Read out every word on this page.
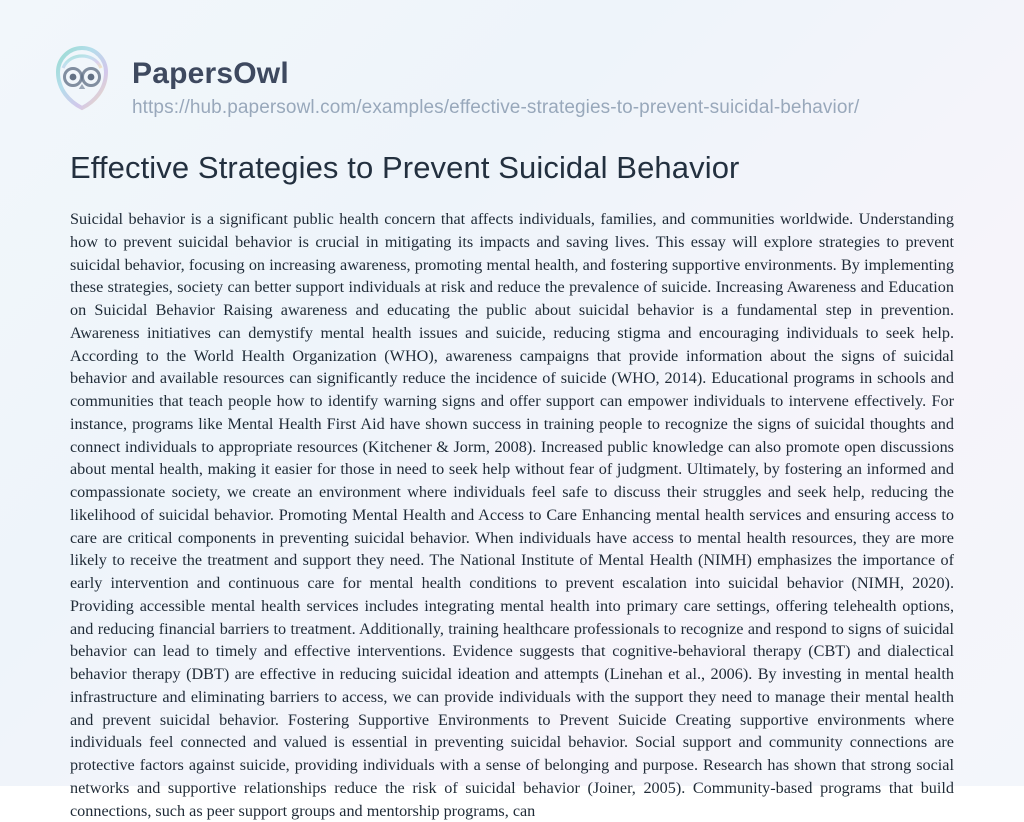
PapersOwl
https://hub.papersowl.com/examples/effective-strategies-to-prevent-suicidal-behavior/
Effective Strategies to Prevent Suicidal Behavior

Suicidal behavior is a significant public health concern that affects individuals, families, and communities worldwide. Understanding how to prevent suicidal behavior is crucial in mitigating its impacts and saving lives. This essay will explore strategies to prevent suicidal behavior, focusing on increasing awareness, promoting mental health, and fostering supportive environments. By implementing these strategies, society can better support individuals at risk and reduce the prevalence of suicide. Increasing Awareness and Education on Suicidal Behavior Raising awareness and educating the public about suicidal behavior is a fundamental step in prevention. Awareness initiatives can demystify mental health issues and suicide, reducing stigma and encouraging individuals to seek help. According to the World Health Organization (WHO), awareness campaigns that provide information about the signs of suicidal behavior and available resources can significantly reduce the incidence of suicide (WHO, 2014). Educational programs in schools and communities that teach people how to identify warning signs and offer support can empower individuals to intervene effectively. For instance, programs like Mental Health First Aid have shown success in training people to recognize the signs of suicidal thoughts and connect individuals to appropriate resources (Kitchener & Jorm, 2008). Increased public knowledge can also promote open discussions about mental health, making it easier for those in need to seek help without fear of judgment. Ultimately, by fostering an informed and compassionate society, we create an environment where individuals feel safe to discuss their struggles and seek help, reducing the likelihood of suicidal behavior. Promoting Mental Health and Access to Care Enhancing mental health services and ensuring access to care are critical components in preventing suicidal behavior. When individuals have access to mental health resources, they are more likely to receive the treatment and support they need. The National Institute of Mental Health (NIMH) emphasizes the importance of early intervention and continuous care for mental health conditions to prevent escalation into suicidal behavior (NIMH, 2020). Providing accessible mental health services includes integrating mental health into primary care settings, offering telehealth options, and reducing financial barriers to treatment. Additionally, training healthcare professionals to recognize and respond to signs of suicidal behavior can lead to timely and effective interventions. Evidence suggests that cognitive-behavioral therapy (CBT) and dialectical behavior therapy (DBT) are effective in reducing suicidal ideation and attempts (Linehan et al., 2006). By investing in mental health infrastructure and eliminating barriers to access, we can provide individuals with the support they need to manage their mental health and prevent suicidal behavior. Fostering Supportive Environments to Prevent Suicide Creating supportive environments where individuals feel connected and valued is essential in preventing suicidal behavior. Social support and community connections are protective factors against suicide, providing individuals with a sense of belonging and purpose. Research has shown that strong social networks and supportive relationships reduce the risk of suicidal behavior (Joiner, 2005). Community-based programs that build connections, such as peer support groups and mentorship programs, can
